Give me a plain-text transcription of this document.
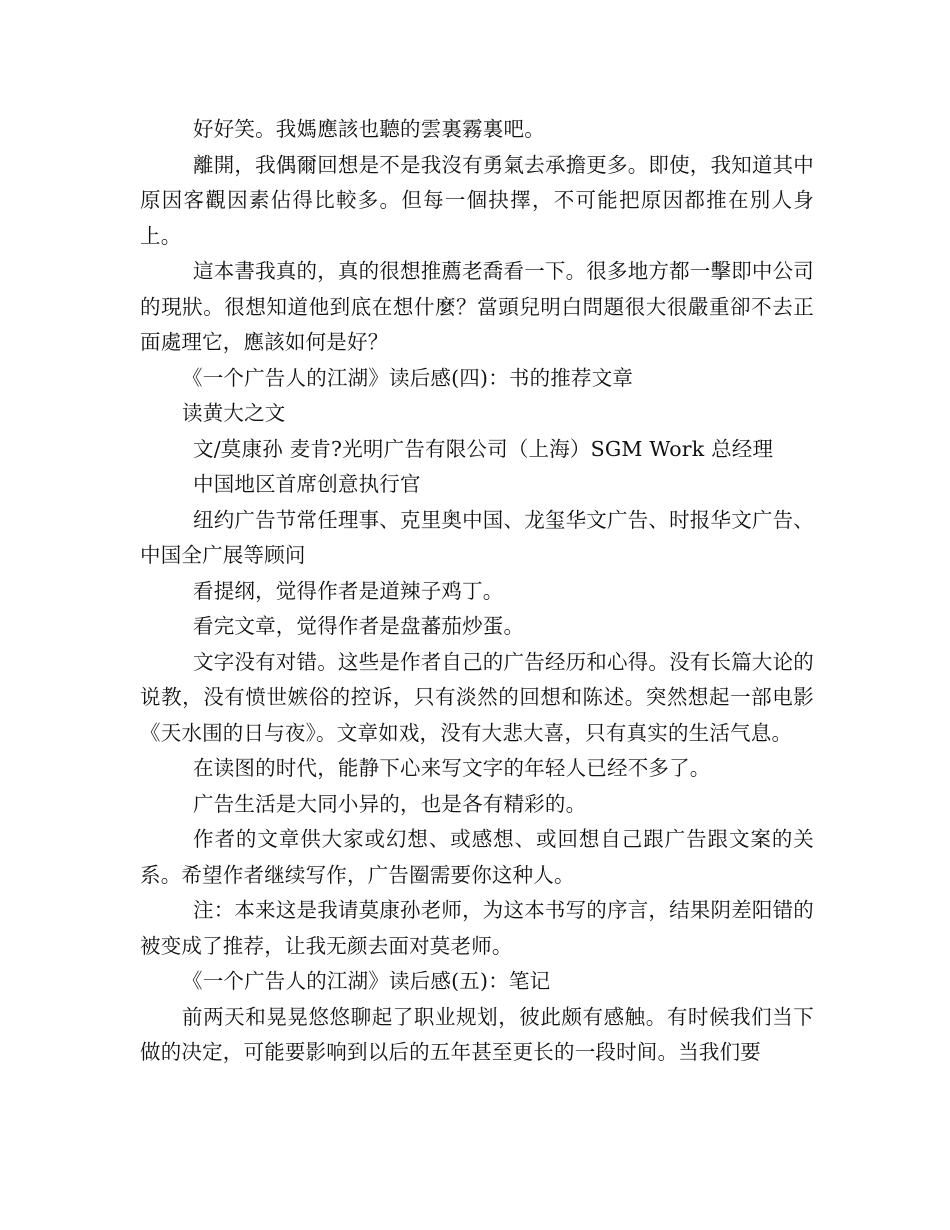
好好笑。我媽應該也聽的雲裏霧裏吧。

離開，我偶爾回想是不是我沒有勇氣去承擔更多。即使，我知道其中原因客觀因素佔得比較多。但每一個抉擇，不可能把原因都推在別人身上。

這本書我真的，真的很想推薦老喬看一下。很多地方都一擊即中公司的現狀。很想知道他到底在想什麼？當頭兒明白問題很大很嚴重卻不去正面處理它，應該如何是好？

《一个广告人的江湖》读后感(四)：书的推荐文章

读黄大之文

文/莫康孙 麦肯?光明广告有限公司（上海）SGM Work 总经理

中国地区首席创意执行官

纽约广告节常任理事、克里奥中国、龙玺华文广告、时报华文广告、中国全广展等顾问

看提纲，觉得作者是道辣子鸡丁。

看完文章，觉得作者是盘蕃茄炒蛋。

文字没有对错。这些是作者自己的广告经历和心得。没有长篇大论的说教，没有愤世嫉俗的控诉，只有淡然的回想和陈述。突然想起一部电影《天水围的日与夜》。文章如戏，没有大悲大喜，只有真实的生活气息。

在读图的时代，能静下心来写文字的年轻人已经不多了。

广告生活是大同小异的，也是各有精彩的。

作者的文章供大家或幻想、或感想、或回想自己跟广告跟文案的关系。希望作者继续写作，广告圈需要你这种人。

注：本来这是我请莫康孙老师，为这本书写的序言，结果阴差阳错的被变成了推荐，让我无颜去面对莫老师。

《一个广告人的江湖》读后感(五)：笔记

前两天和晃晃悠悠聊起了职业规划，彼此颇有感触。有时候我们当下做的决定，可能要影响到以后的五年甚至更长的一段时间。当我们要
